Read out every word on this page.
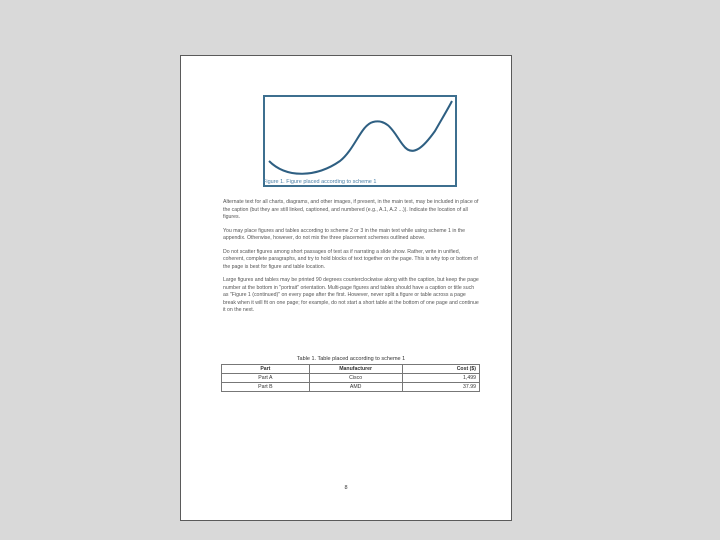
Figure 1. Figure placed according to scheme 1

Alternate text for all charts, diagrams, and other images, if present, in the main text, may be included in place of the caption (but they are still linked, captioned, and numbered (e.g., A.1, A.2 ...)). Indicate the location of all figures.

You may place figures and tables according to scheme 2 or 3 in the main text while using scheme 1 in the appendix. Otherwise, however, do not mix the three placement schemes outlined above.

Do not scatter figures among short passages of text as if narrating a slide show. Rather, write in unified, coherent, complete paragraphs, and try to hold blocks of text together on the page. This is why top or bottom of the page is best for figure and table location.

Large figures and tables may be printed 90 degrees counterclockwise along with the caption, but keep the page number at the bottom in "portrait" orientation. Multi-page figures and tables should have a caption or title such as "Figure 1 (continued)" on every page after the first. However, never split a figure or table across a page break when it will fit on one page; for example, do not start a short table at the bottom of one page and continue it on the next.

Table 1. Table placed according to scheme 1
Part	Manufacturer	Cost ($)
Part A	Cisco	1,499
Part B	AMD	37.99
8
